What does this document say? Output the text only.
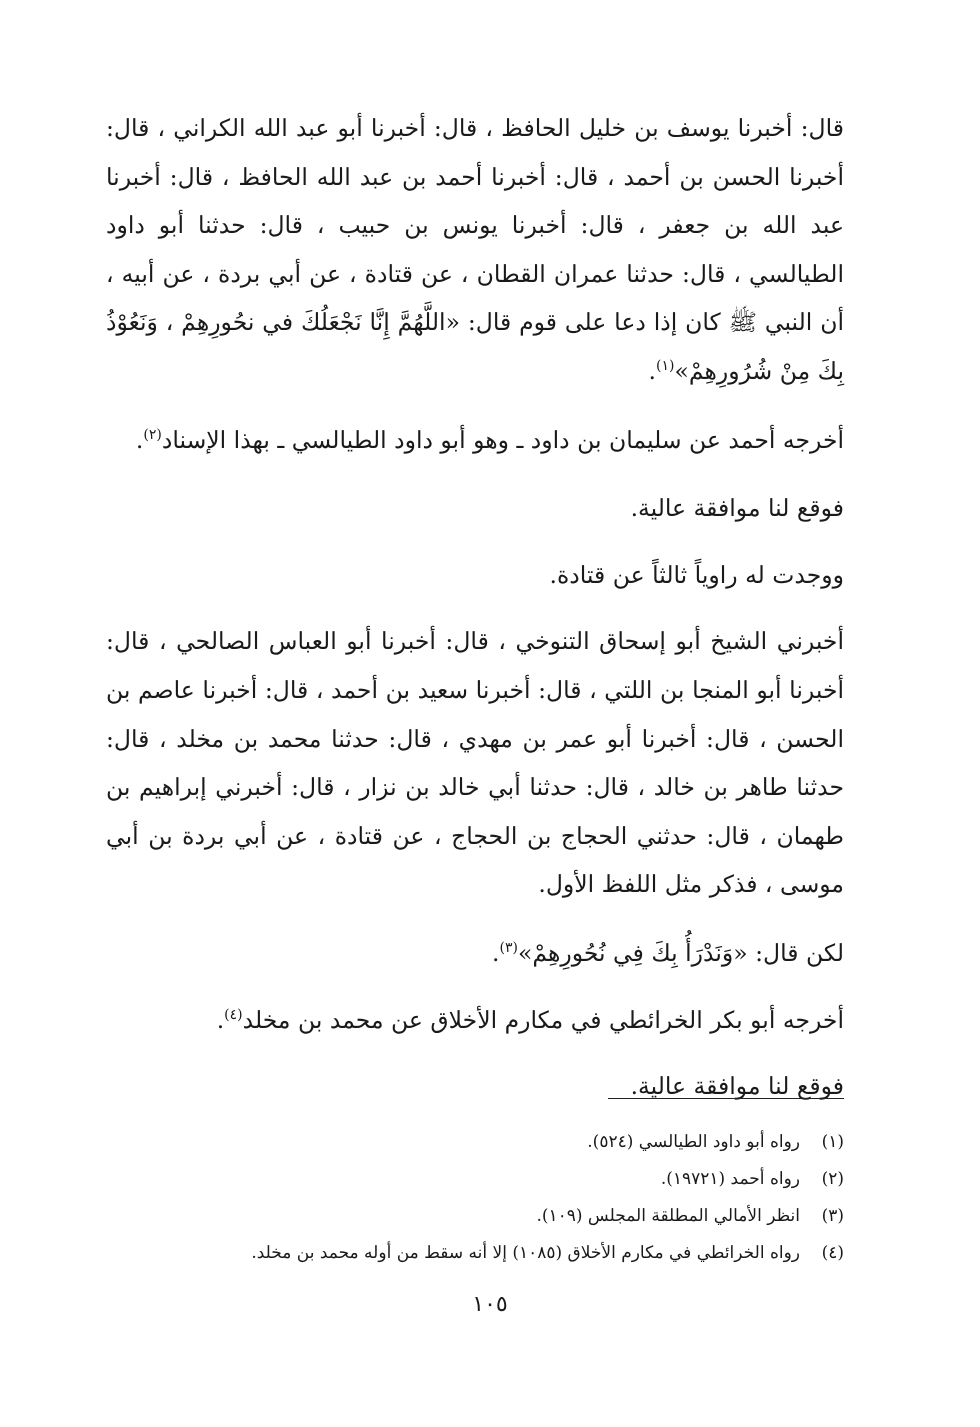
قال: أخبرنا يوسف بن خليل الحافظ ، قال: أخبرنا أبو عبد الله الكراني ، قال: أخبرنا الحسن بن أحمد ، قال: أخبرنا أحمد بن عبد الله الحافظ ، قال: أخبرنا عبد الله بن جعفر ، قال: أخبرنا يونس بن حبيب ، قال: حدثنا أبو داود الطيالسي ، قال: حدثنا عمران القطان ، عن قتادة ، عن أبي بردة ، عن أبيه ، أن النبي ﷺ كان إذا دعا على قوم قال: «اللَّهُمَّ إِنَّا نَجْعَلُكَ في نحُورِهِمْ ، وَنَعُوْذُ بِكَ مِنْ شُرُورِهِمْ»$^{(١)}$.

أخرجه أحمد عن سليمان بن داود ـ وهو أبو داود الطيالسي ـ بهذا الإسناد$^{(٢)}$.

فوقع لنا موافقة عالية.

ووجدت له راوياً ثالثاً عن قتادة.

أخبرني الشيخ أبو إسحاق التنوخي ، قال: أخبرنا أبو العباس الصالحي ، قال: أخبرنا أبو المنجا بن اللتي ، قال: أخبرنا سعيد بن أحمد ، قال: أخبرنا عاصم بن الحسن ، قال: أخبرنا أبو عمر بن مهدي ، قال: حدثنا محمد بن مخلد ، قال: حدثنا طاهر بن خالد ، قال: حدثنا أبي خالد بن نزار ، قال: أخبرني إبراهيم بن طهمان ، قال: حدثني الحجاج بن الحجاج ، عن قتادة ، عن أبي بردة بن أبي موسى ، فذكر مثل اللفظ الأول.

لكن قال: «وَنَدْرَأُ بِكَ فِي نُحُورِهِمْ»$^{(٣)}$.

أخرجه أبو بكر الخرائطي في مكارم الأخلاق عن محمد بن مخلد$^{(٤)}$.

فوقع لنا موافقة عالية.

(١)
رواه أبو داود الطيالسي (٥٢٤).
(٢)
رواه أحمد (١٩٧٢١).
(٣)
انظر الأمالي المطلقة المجلس (١٠٩).
(٤)
رواه الخرائطي في مكارم الأخلاق (١٠٨٥) إلا أنه سقط من أوله محمد بن مخلد.
١٠٥
